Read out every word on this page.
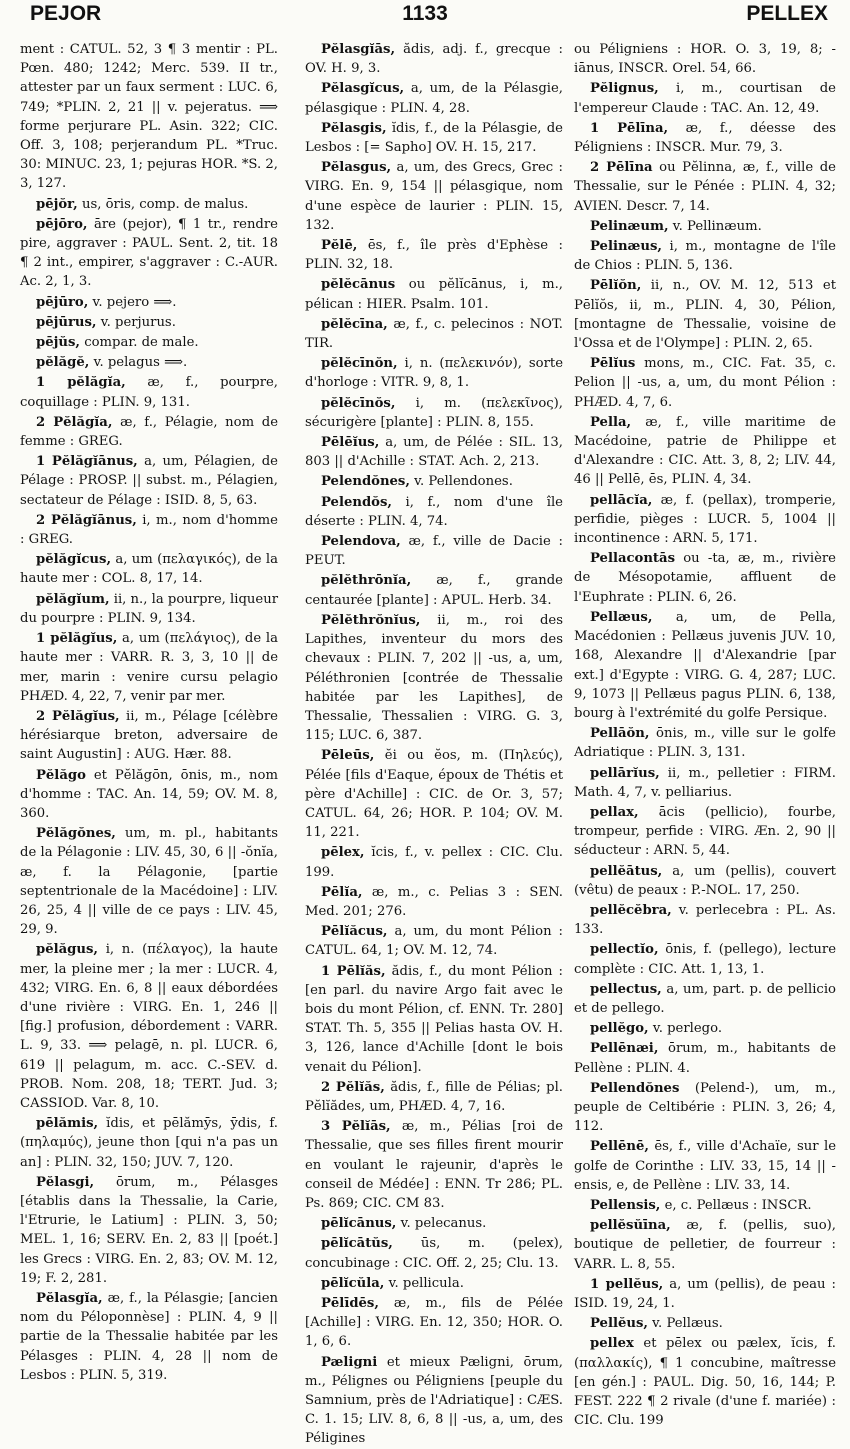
PEJOR	1133	PELLEX
ment : CATUL. 52, 3 ¶ 3 mentir : PL. Pœn. 480; 1242; Merc. 539. II tr., attester par un faux serment : LUC. 6, 749; *PLIN. 2, 21 || v. pejeratus. ⟹ forme perjurare PL. Asin. 322; CIC. Off. 3, 108; perjerandum PL. *Truc. 30: MINUC. 23, 1; pejuras HOR. *S. 2, 3, 127.
pējŏr, us, ōris, comp. de malus.
pējōro, āre (pejor), ¶ 1 tr., rendre pire, aggraver : PAUL. Sent. 2, tit. 18 ¶ 2 int., empirer, s'aggraver : C.-AUR. Ac. 2, 1, 3.
pējūro, v. pejero ⟹.
pējūrus, v. perjurus.
pējŭs, compar. de male.
pĕlăgĕ, v. pelagus ⟹.
1 pĕlăgĭa, æ, f., pourpre, coquillage : PLIN. 9, 131.
2 Pĕlăgĭa, æ, f., Pélagie, nom de femme : GREG.
1 Pĕlăgĭānus, a, um, Pélagien, de Pélage : PROSP. || subst. m., Pélagien, sectateur de Pélage : ISID. 8, 5, 63.
2 Pĕlăgĭānus, i, m., nom d'homme : GREG.
pĕlăgĭcus, a, um (πελαγικός), de la haute mer : COL. 8, 17, 14.
pĕlăgĭum, ii, n., la pourpre, liqueur du pourpre : PLIN. 9, 134.
1 pĕlăgĭus, a, um (πελάγιος), de la haute mer : VARR. R. 3, 3, 10 || de mer, marin : venire cursu pelagio PHÆD. 4, 22, 7, venir par mer.
2 Pĕlăgĭus, ii, m., Pélage [célèbre hérésiarque breton, adversaire de saint Augustin] : AUG. Hær. 88.
Pĕlăgo et Pĕlăgōn, ōnis, m., nom d'homme : TAC. An. 14, 59; OV. M. 8, 360.
Pĕlăgŏnes, um, m. pl., habitants de la Pélagonie : LIV. 45, 30, 6 || -ŏnĭa, æ, f. la Pélagonie, [partie septentrionale de la Macédoine] : LIV. 26, 25, 4 || ville de ce pays : LIV. 45, 29, 9.
pĕlăgus, i, n. (πέλαγος), la haute mer, la pleine mer ; la mer : LUCR. 4, 432; VIRG. En. 6, 8 || eaux débordées d'une rivière : VIRG. En. 1, 246 || [fig.] profusion, débordement : VARR. L. 9, 33. ⟹ pelagē, n. pl. LUCR. 6, 619 || pelagum, m. acc. C.-SEV. d. PROB. Nom. 208, 18; TERT. Jud. 3; CASSIOD. Var. 8, 10.
pēlămis, ĭdis, et pēlămȳs, ȳdis, f. (πηλαμύς), jeune thon [qui n'a pas un an] : PLIN. 32, 150; JUV. 7, 120.
Pĕlasgi, ōrum, m., Pélasges [établis dans la Thessalie, la Carie, l'Etrurie, le Latium] : PLIN. 3, 50; MEL. 1, 16; SERV. En. 2, 83 || [poét.] les Grecs : VIRG. En. 2, 83; OV. M. 12, 19; F. 2, 281.
Pĕlasgĭa, æ, f., la Pélasgie; [ancien nom du Péloponnèse] : PLIN. 4, 9 || partie de la Thessalie habitée par les Pélasges : PLIN. 4, 28 || nom de Lesbos : PLIN. 5, 319.
Pĕlasgĭās, ădis, adj. f., grecque : OV. H. 9, 3.
Pĕlasgĭcus, a, um, de la Pélasgie, pélasgique : PLIN. 4, 28.
Pĕlasgis, ĭdis, f., de la Pélasgie, de Lesbos : [= Sapho] OV. H. 15, 217.
Pĕlasgus, a, um, des Grecs, Grec : VIRG. En. 9, 154 || pélasgique, nom d'une espèce de laurier : PLIN. 15, 132.
Pĕlē, ēs, f., île près d'Ephèse : PLIN. 32, 18.
pĕlĕcānus ou pĕlĭcānus, i, m., pélican : HIER. Psalm. 101.
pĕlĕcīna, æ, f., c. pelecinos : NOT. TIR.
pĕlĕcīnŏn, i, n. (πελεκινόν), sorte d'horloge : VITR. 9, 8, 1.
pĕlĕcīnŏs, i, m. (πελεκῖνος), sécurigère [plante] : PLIN. 8, 155.
Pēlēĭus, a, um, de Pélée : SIL. 13, 803 || d'Achille : STAT. Ach. 2, 213.
Pelendŏnes, v. Pellendones.
Pelendŏs, i, f., nom d'une île déserte : PLIN. 4, 74.
Pelendova, æ, f., ville de Dacie : PEUT.
pĕlĕthrōnĭa, æ, f., grande centaurée [plante] : APUL. Herb. 34.
Pĕlĕthrŏnĭus, ii, m., roi des Lapithes, inventeur du mors des chevaux : PLIN. 7, 202 || -us, a, um, Péléthronien [contrée de Thessalie habitée par les Lapithes], de Thessalie, Thessalien : VIRG. G. 3, 115; LUC. 6, 387.
Pēleūs, ĕi ou ĕos, m. (Πηλεύς), Pélée [fils d'Eaque, époux de Thétis et père d'Achille] : CIC. de Or. 3, 57; CATUL. 64, 26; HOR. P. 104; OV. M. 11, 221.
pēlex, ĭcis, f., v. pellex : CIC. Clu. 199.
Pēlĭa, æ, m., c. Pelias 3 : SEN. Med. 201; 276.
Pēlĭăcus, a, um, du mont Pélion : CATUL. 64, 1; OV. M. 12, 74.
1 Pēlĭăs, ădis, f., du mont Pélion : [en parl. du navire Argo fait avec le bois du mont Pélion, cf. ENN. Tr. 280] STAT. Th. 5, 355 || Pelias hasta OV. H. 3, 126, lance d'Achille [dont le bois venait du Pélion].
2 Pĕlĭăs, ădis, f., fille de Pélias; pl. Pĕlĭădes, um, PHÆD. 4, 7, 16.
3 Pĕlĭās, æ, m., Pélias [roi de Thessalie, que ses filles firent mourir en voulant le rajeunir, d'après le conseil de Médée] : ENN. Tr 286; PL. Ps. 869; CIC. CM 83.
pēlĭcānus, v. pelecanus.
pēlĭcātŭs, ūs, m. (pelex), concubinage : CIC. Off. 2, 25; Clu. 13.
pēlĭcŭla, v. pellicula.
Pēlīdēs, æ, m., fils de Pélée [Achille] : VIRG. En. 12, 350; HOR. O. 1, 6, 6.
Pæligni et mieux Pæligni, ōrum, m., Pélignes ou Péligniens [peuple du Samnium, près de l'Adriatique] : CÆS. C. 1. 15; LIV. 8, 6, 8 || -us, a, um, des Péligines
ou Péligniens : HOR. O. 3, 19, 8; -iānus, INSCR. Orel. 54, 66.
Pĕlignus, i, m., courtisan de l'empereur Claude : TAC. An. 12, 49.
1 Pēlīna, æ, f., déesse des Péligniens : INSCR. Mur. 79, 3.
2 Pēlīna ou Pĕlinna, æ, f., ville de Thessalie, sur le Pénée : PLIN. 4, 32; AVIEN. Descr. 7, 14.
Pelinæum, v. Pellinæum.
Pelinæus, i, m., montagne de l'île de Chios : PLIN. 5, 136.
Pēlĭŏn, ii, n., OV. M. 12, 513 et Pēlĭŏs, ii, m., PLIN. 4, 30, Pélion, [montagne de Thessalie, voisine de l'Ossa et de l'Olympe] : PLIN. 2, 65.
Pēlĭus mons, m., CIC. Fat. 35, c. Pelion || -us, a, um, du mont Pélion : PHÆD. 4, 7, 6.
Pella, æ, f., ville maritime de Macédoine, patrie de Philippe et d'Alexandre : CIC. Att. 3, 8, 2; LIV. 44, 46 || Pellē, ēs, PLIN. 4, 34.
pellācĭa, æ, f. (pellax), tromperie, perfidie, pièges : LUCR. 5, 1004 || incontinence : ARN. 5, 171.
Pellacontās ou -ta, æ, m., rivière de Mésopotamie, affluent de l'Euphrate : PLIN. 6, 26.
Pellæus, a, um, de Pella, Macédonien : Pellæus juvenis JUV. 10, 168, Alexandre || d'Alexandrie [par ext.] d'Egypte : VIRG. G. 4, 287; LUC. 9, 1073 || Pellæus pagus PLIN. 6, 138, bourg à l'extrémité du golfe Persique.
Pellāŏn, ōnis, m., ville sur le golfe Adriatique : PLIN. 3, 131.
pellārĭus, ii, m., pelletier : FIRM. Math. 4, 7, v. pelliarius.
pellax, ācis (pellicio), fourbe, trompeur, perfide : VIRG. Æn. 2, 90 || séducteur : ARN. 5, 44.
pellĕātus, a, um (pellis), couvert (vêtu) de peaux : P.-NOL. 17, 250.
pellĕcĕbra, v. perlecebra : PL. As. 133.
pellectĭo, ōnis, f. (pellego), lecture complète : CIC. Att. 1, 13, 1.
pellectus, a, um, part. p. de pellicio et de pellego.
pellĕgo, v. perlego.
Pellēnæi, ōrum, m., habitants de Pellène : PLIN. 4.
Pellendŏnes (Pelend-), um, m., peuple de Celtibérie : PLIN. 3, 26; 4, 112.
Pellēnē, ēs, f., ville d'Achaïe, sur le golfe de Corinthe : LIV. 33, 15, 14 || -ensis, e, de Pellène : LIV. 33, 14.
Pellensis, e, c. Pellæus : INSCR.
pellĕsŭīna, æ, f. (pellis, suo), boutique de pelletier, de fourreur : VARR. L. 8, 55.
1 pellĕus, a, um (pellis), de peau : ISID. 19, 24, 1.
Pellĕus, v. Pellæus.
pellex et pēlex ou pælex, ĭcis, f. (παλλακίς), ¶ 1 concubine, maîtresse [en gén.] : PAUL. Dig. 50, 16, 144; P. FEST. 222 ¶ 2 rivale (d'une f. mariée) : CIC. Clu. 199
